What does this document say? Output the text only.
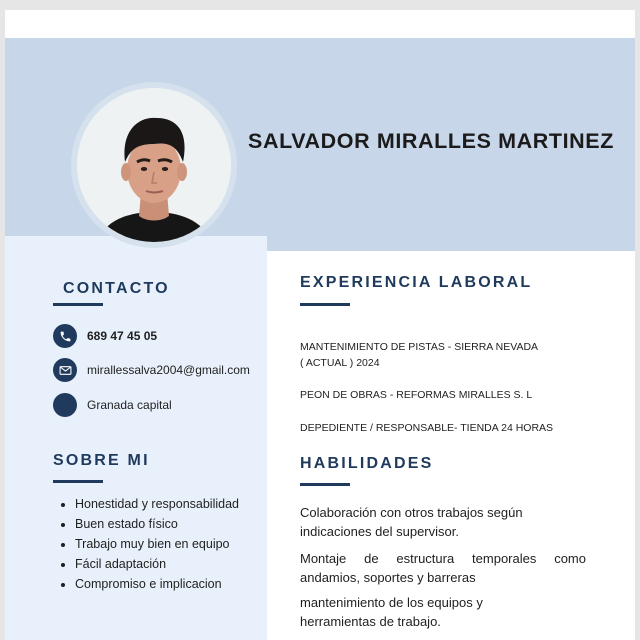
SALVADOR MIRALLES MARTINEZ
CONTACTO
689 47 45 05
mirallessalva2004@gmail.com
Granada capital
SOBRE MI
• Honestidad y responsabilidad
• Buen estado físico
• Trabajo muy bien en equipo
• Fácil adaptación
• Compromiso e implicacion
EXPERIENCIA LABORAL
MANTENIMIENTO DE PISTAS - SIERRA NEVADA
( ACTUAL ) 2024
PEON DE OBRAS - REFORMAS MIRALLES S. L
DEPEDIENTE / RESPONSABLE- TIENDA 24 HORAS
HABILIDADES
Colaboración con otros trabajos según indicaciones del supervisor.
Montaje de estructura temporales como andamios, soportes y barreras
mantenimiento de los equipos y herramientas de trabajo.
